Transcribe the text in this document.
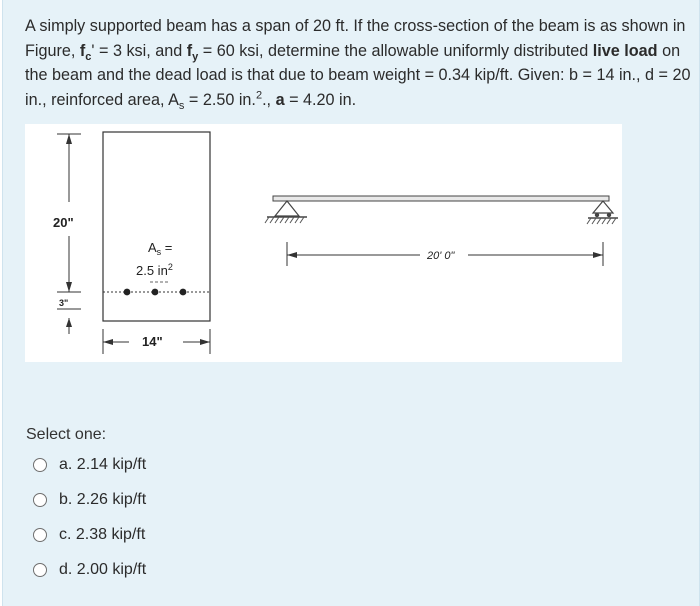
A simply supported beam has a span of 20 ft. If the cross-section of the beam is as shown in Figure, $f_c' = 3$ ksi, and $f_y = 60$ ksi, determine the allowable uniformly distributed live load on the beam and the dead load is that due to beam weight = 0.34 kip/ft. Given: b = 14 in., d = 20 in., reinforced area, $A_s = 2.50$ in.$^2$., a = 4.20 in.
20"
3"
$A_s$ =
2.5 $in^2$
14"
20' 0"
Select one:
a. 2.14 kip/ft
b. 2.26 kip/ft
c. 2.38 kip/ft
d. 2.00 kip/ft
